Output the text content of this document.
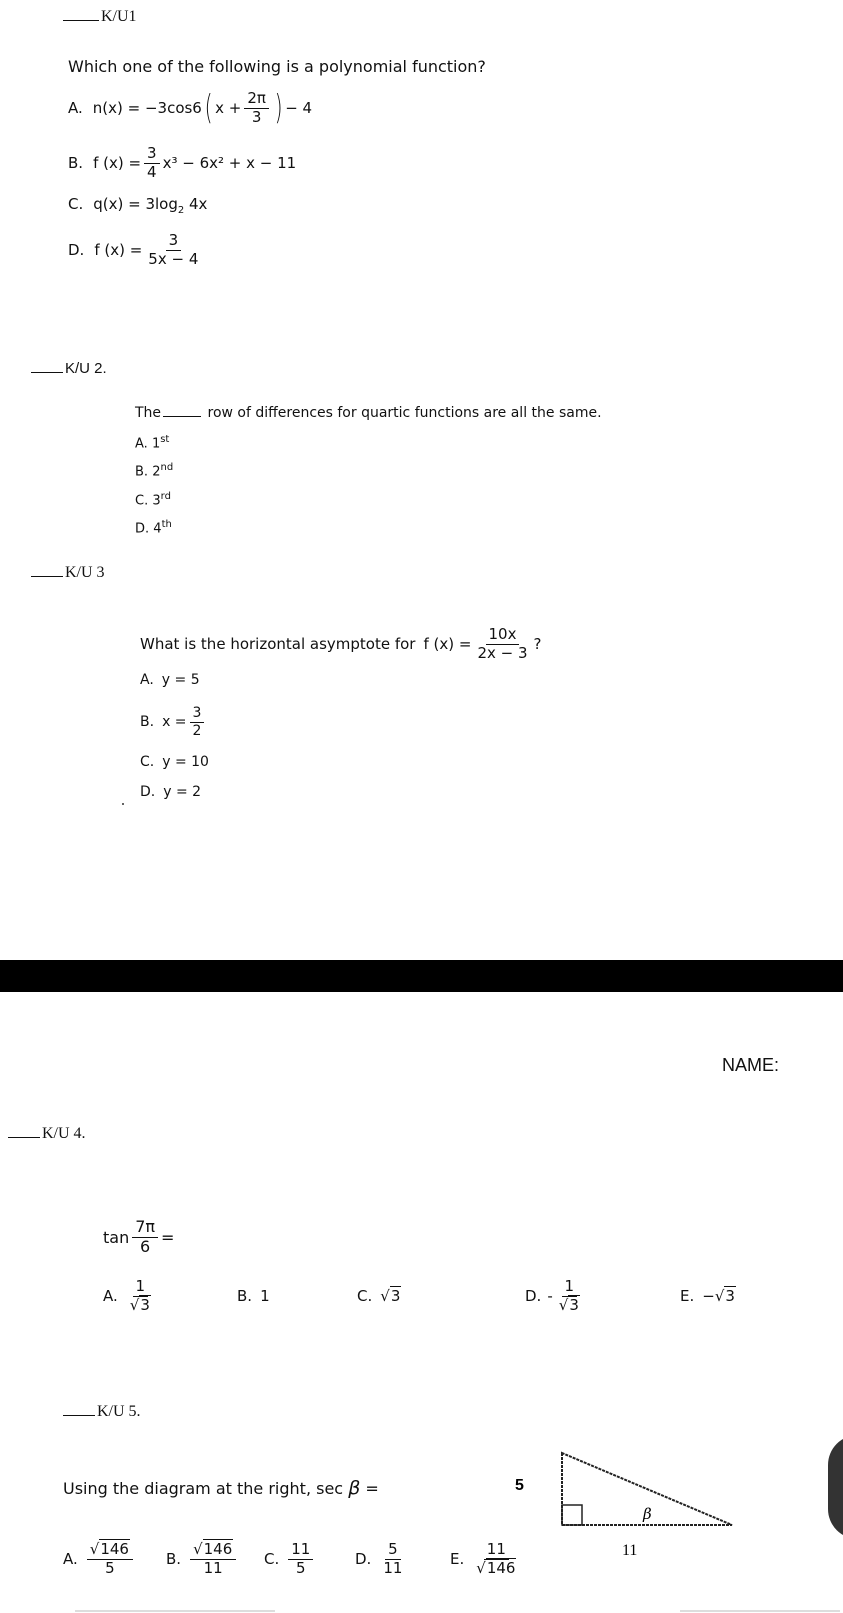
K/U1
Which one of the following is a polynomial function?
A. n(x) = −3cos6 ( $x + \frac{2\pi}{3}$ ) − 4
B. f $(x) = \frac{3}{4} x^3 - 6x^2 + x - 11$
C. $q(x) = 3\log_2$ 4x
D. f $(x) = \frac{3}{5x - 4}$
K/U 2.
The	row of differences for quartic functions are all the same.
A. 1st
B. 2nd
C. 3rd
D. 4th
K/U 3
What is the horizontal asymptote for f $(x) = \frac{10x}{2x - 3}$ ?
A. y = 5
B. $x = \frac{3}{2}$
C. y = 10
D. y = 2
NAME:
K/U 4.
$\tan \frac{7\pi}{6}$ =
A. $\frac{1}{√3}$	B. 1	C. √3	D. - $\frac{1}{√3}$	E. −√3
K/U 5.
Using the diagram at the right, sec β =
A. $\frac{√146}{5} B$. $\frac{√146}{11} C$. $\frac{11}{5}$	D. $\frac{5}{11}$	E. $\frac{11}{√146}$
5
β
11
